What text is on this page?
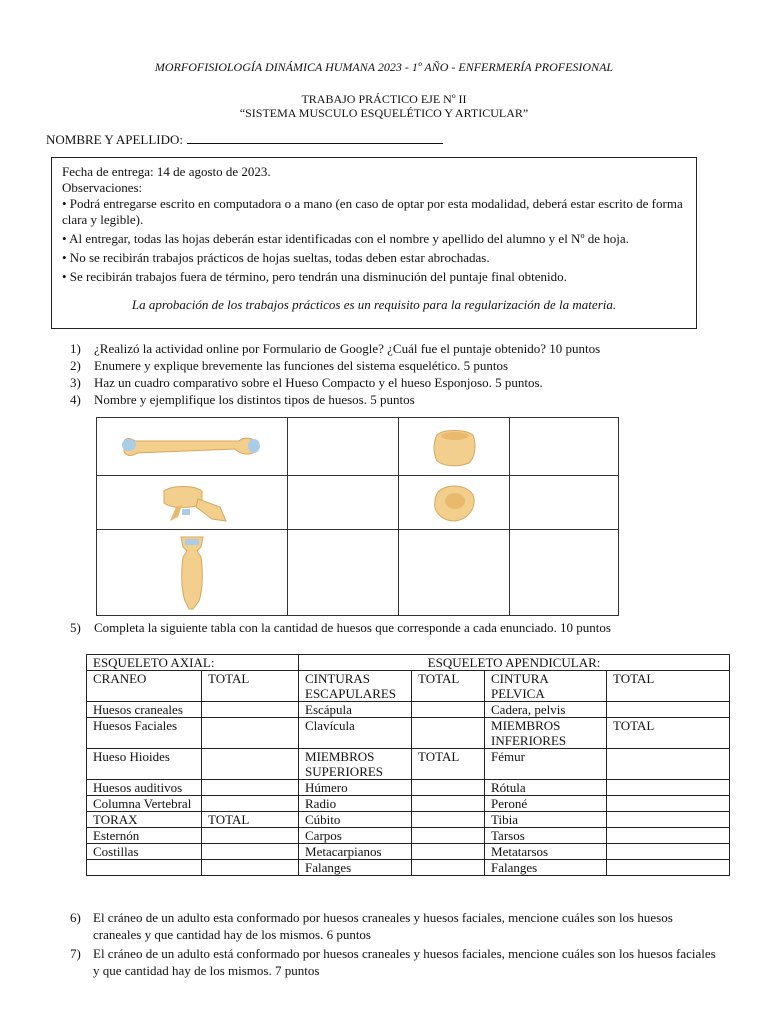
MORFOFISIOLOGÍA DINÁMICA HUMANA 2023 - 1º AÑO - ENFERMERÍA PROFESIONAL
TRABAJO PRÁCTICO EJE Nº II
“SISTEMA MUSCULO ESQUELÉTICO Y ARTICULAR”
NOMBRE Y APELLIDO:

Fecha de entrega: 14 de agosto de 2023.

Observaciones:

• Podrá entregarse escrito en computadora o a mano (en caso de optar por esta modalidad, deberá estar escrito de forma clara y legible).

• Al entregar, todas las hojas deberán estar identificadas con el nombre y apellido del alumno y el Nº de hoja.

• No se recibirán trabajos prácticos de hojas sueltas, todas deben estar abrochadas.

• Se recibirán trabajos fuera de término, pero tendrán una disminución del puntaje final obtenido.

La aprobación de los trabajos prácticos es un requisito para la regularización de la materia.

1) ¿Realizó la actividad online por Formulario de Google? ¿Cuál fue el puntaje obtenido? 10 puntos
2) Enumere y explique brevemente las funciones del sistema esquelético. 5 puntos
3) Haz un cuadro comparativo sobre el Hueso Compacto y el hueso Esponjoso. 5 puntos.
4) Nombre y ejemplifique los distintos tipos de huesos. 5 puntos

5) Completa la siguiente tabla con la cantidad de huesos que corresponde a cada enunciado. 10 puntos
ESQUELETO AXIAL:		ESQUELETO APENDICULAR:			
CRANEO	TOTAL	CINTURAS ESCAPULARES	TOTAL	CINTURA PELVICA	TOTAL
Huesos craneales		Escápula		Cadera, pelvis	
Huesos Faciales		Clavícula		MIEMBROS INFERIORES	TOTAL
Hueso Hioides		MIEMBROS SUPERIORES	TOTAL	Fémur	
Huesos auditivos		Húmero		Rótula	
Columna Vertebral		Radio		Peroné	
TORAX	TOTAL	Cúbito		Tibia	
Esternón		Carpos		Tarsos	
Costillas		Metacarpianos		Metatarsos	
		Falanges		Falanges	
6) El cráneo de un adulto esta conformado por huesos craneales y huesos faciales, mencione cuáles son los huesos craneales y que cantidad hay de los mismos. 6 puntos
7) El cráneo de un adulto está conformado por huesos craneales y huesos faciales, mencione cuáles son los huesos faciales y que cantidad hay de los mismos. 7 puntos
